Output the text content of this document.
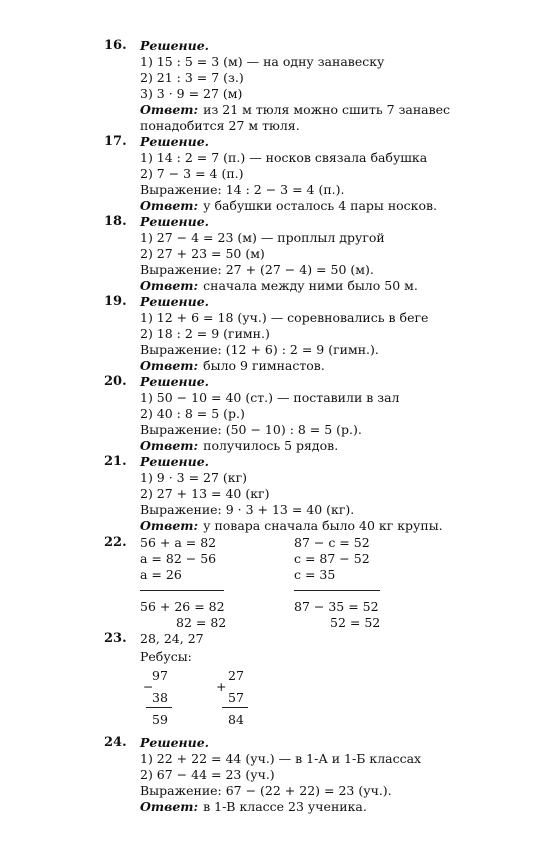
16. Решение.
1) 15 : 5 = 3 (м) — на одну занавеску
2) 21 : 3 = 7 (з.)
3) 3 · 9 = 27 (м)
Ответ: из 21 м тюля можно сшить 7 занавес
понадобится 27 м тюля.
17. Решение.
1) 14 : 2 = 7 (п.) — носков связала бабушка
2) 7 − 3 = 4 (п.)
Выражение: 14 : 2 − 3 = 4 (п.).
Ответ: у бабушки осталось 4 пары носков.
18. Решение.
1) 27 − 4 = 23 (м) — проплыл другой
2) 27 + 23 = 50 (м)
Выражение: 27 + (27 − 4) = 50 (м).
Ответ: сначала между ними было 50 м.
19. Решение.
1) 12 + 6 = 18 (уч.) — соревновались в беге
2) 18 : 2 = 9 (гимн.)
Выражение: (12 + 6) : 2 = 9 (гимн.).
Ответ: было 9 гимнастов.
20. Решение.
1) 50 − 10 = 40 (ст.) — поставили в зал
2) 40 : 8 = 5 (р.)
Выражение: (50 − 10) : 8 = 5 (р.).
Ответ: получилось 5 рядов.
21. Решение.
1) 9 · 3 = 27 (кг)
2) 27 + 13 = 40 (кг)
Выражение: 9 · 3 + 13 = 40 (кг).
Ответ: у повара сначала было 40 кг крупы.
22. 56 + a = 82
a = 82 − 56
a = 26
87 − c = 52
c = 87 − 52
c = 35
56 + 26 = 82
82 = 82
87 − 35 = 52
52 = 52
23. 28, 24, 27
Ребусы:
97
−
38
59
27
+
57
84
24. Решение.
1) 22 + 22 = 44 (уч.) — в 1-А и 1-Б классах
2) 67 − 44 = 23 (уч.)
Выражение: 67 − (22 + 22) = 23 (уч.).
Ответ: в 1-В классе 23 ученика.
